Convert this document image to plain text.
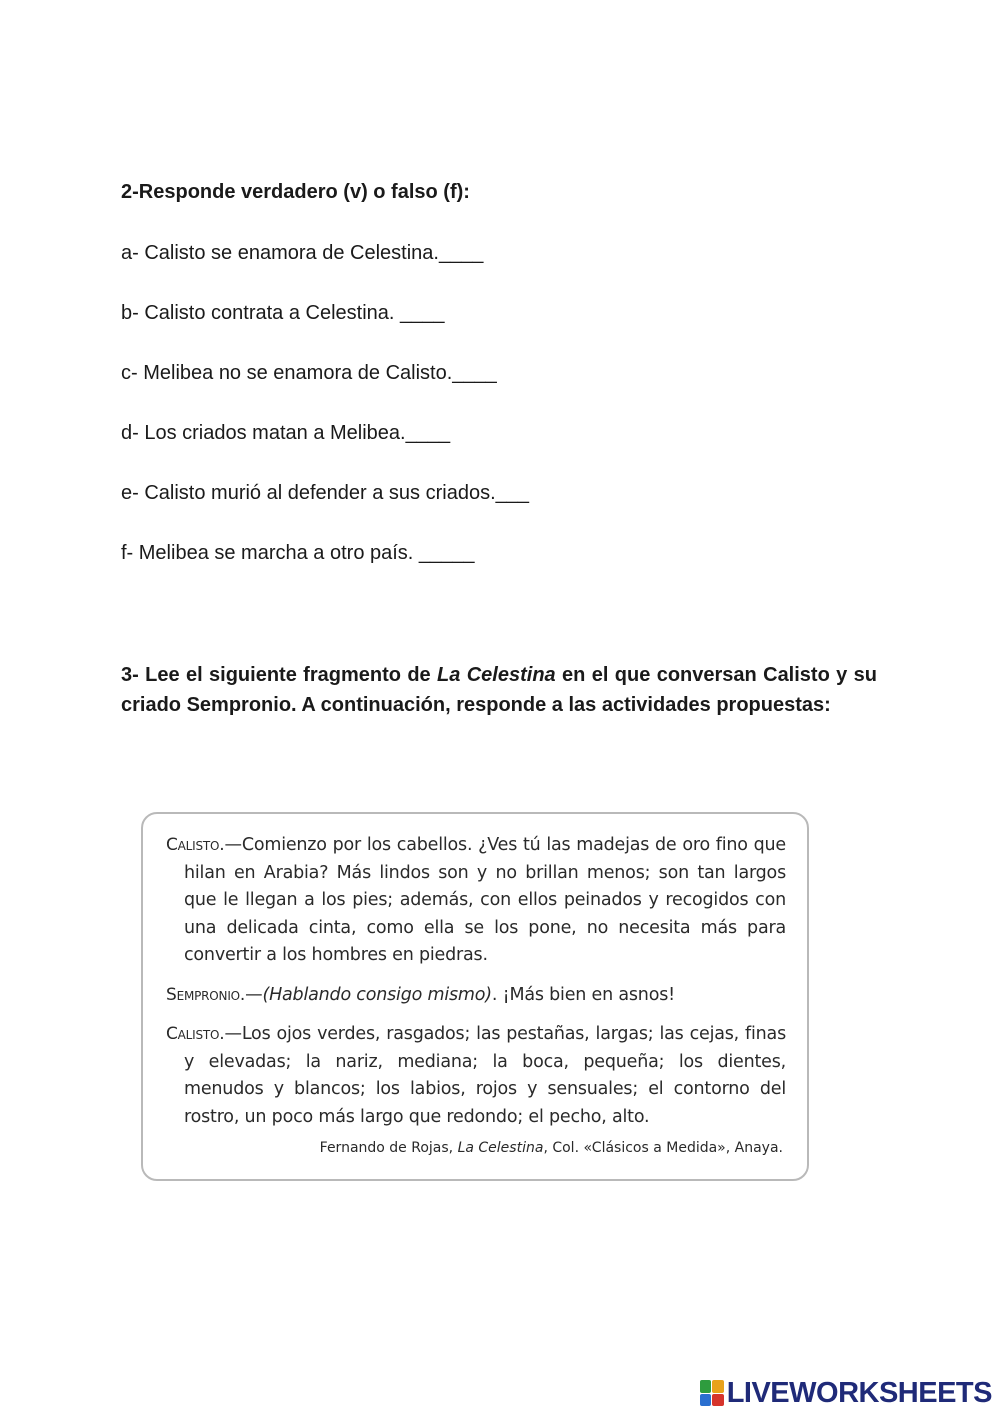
2-Responde verdadero (v) o falso (f):
a- Calisto se enamora de Celestina.____
b- Calisto contrata a Celestina. ____
c- Melibea no se enamora de Calisto.____
d- Los criados matan a Melibea.____
e- Calisto murió al defender a sus criados.___
f- Melibea se marcha a otro país. _____
3- Lee el siguiente fragmento de La Celestina en el que conversan Calisto y su criado Sempronio. A continuación, responde a las actividades propuestas:

Calisto.—Comienzo por los cabellos. ¿Ves tú las madejas de oro fino que hilan en Arabia? Más lindos son y no brillan menos; son tan largos que le llegan a los pies; además, con ellos peinados y recogidos con una delicada cinta, como ella se los pone, no necesita más para convertir a los hombres en piedras.

Sempronio.—(Hablando consigo mismo). ¡Más bien en asnos!

Calisto.—Los ojos verdes, rasgados; las pestañas, largas; las cejas, finas y elevadas; la nariz, mediana; la boca, pequeña; los dientes, menudos y blancos; los labios, rojos y sensuales; el contorno del rostro, un poco más largo que redondo; el pecho, alto.

Fernando de Rojas, La Celestina, Col. «Clásicos a Medida», Anaya.
LIVEWORKSHEETS
